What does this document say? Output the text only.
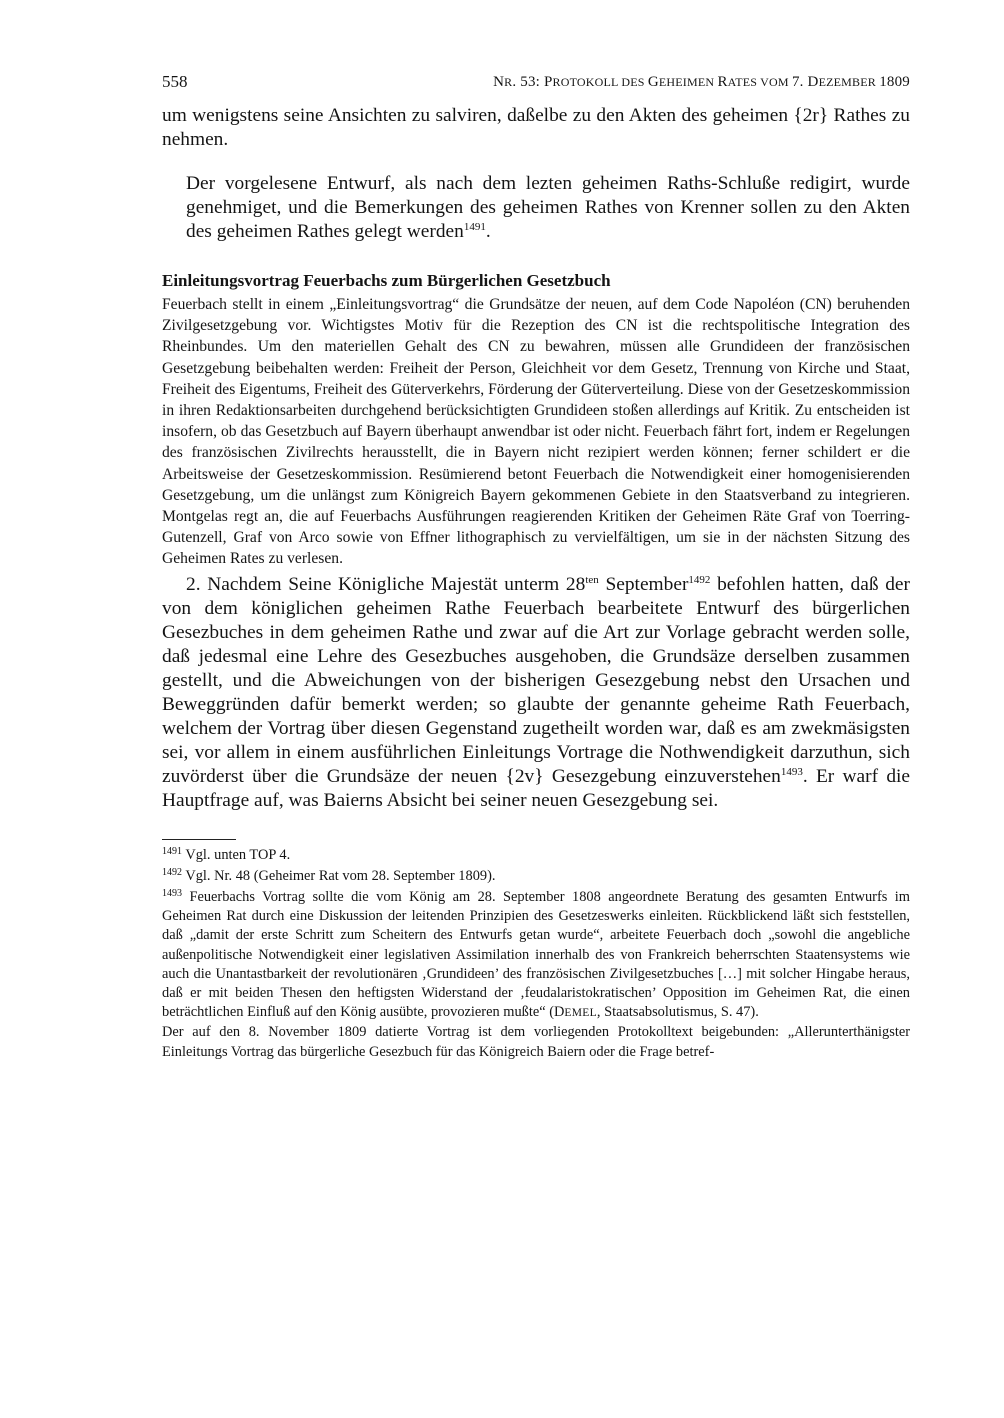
558	NR. 53: PROTOKOLL DES GEHEIMEN RATES VOM 7. DEZEMBER 1809

um wenigstens seine Ansichten zu salviren, daßelbe zu den Akten des geheimen {2r} Rathes zu nehmen.

Der vorgelesene Entwurf, als nach dem lezten geheimen Raths-Schluße redigirt, wurde genehmiget, und die Bemerkungen des geheimen Rathes von Krenner sollen zu den Akten des geheimen Rathes gelegt werden$^{1491}$.

Einleitungsvortrag Feuerbachs zum Bürgerlichen Gesetzbuch

Feuerbach stellt in einem „Einleitungsvortrag“ die Grundsätze der neuen, auf dem Code Napoléon (CN) beruhenden Zivilgesetzgebung vor. Wichtigstes Motiv für die Rezeption des CN ist die rechtspolitische Integration des Rheinbundes. Um den materiellen Gehalt des CN zu bewahren, müssen alle Grundideen der französischen Gesetzgebung beibehalten werden: Freiheit der Person, Gleichheit vor dem Gesetz, Trennung von Kirche und Staat, Freiheit des Eigentums, Freiheit des Güterverkehrs, Förderung der Güterverteilung. Diese von der Gesetzeskommission in ihren Redaktionsarbeiten durchgehend berücksichtigten Grundideen stoßen allerdings auf Kritik. Zu entscheiden ist insofern, ob das Gesetzbuch auf Bayern überhaupt anwendbar ist oder nicht. Feuerbach fährt fort, indem er Regelungen des französischen Zivilrechts herausstellt, die in Bayern nicht rezipiert werden können; ferner schildert er die Arbeitsweise der Gesetzeskommission. Resümierend betont Feuerbach die Notwendigkeit einer homogenisierenden Gesetzgebung, um die unlängst zum Königreich Bayern gekommenen Gebiete in den Staatsverband zu integrieren. Montgelas regt an, die auf Feuerbachs Ausführungen reagierenden Kritiken der Geheimen Räte Graf von Toerring-Gutenzell, Graf von Arco sowie von Effner lithographisch zu vervielfältigen, um sie in der nächsten Sitzung des Geheimen Rates zu verlesen.

2. Nachdem Seine Königliche Majestät unterm $28^{ten}$ September$^{1492}$ befohlen hatten, daß der von dem königlichen geheimen Rathe Feuerbach bearbeitete Entwurf des bürgerlichen Gesezbuches in dem geheimen Rathe und zwar auf die Art zur Vorlage gebracht werden solle, daß jedesmal eine Lehre des Gesezbuches ausgehoben, die Grundsäze derselben zusammen gestellt, und die Abweichungen von der bisherigen Gesezgebung nebst den Ursachen und Beweggründen dafür bemerkt werden; so glaubte der genannte geheime Rath Feuerbach, welchem der Vortrag über diesen Gegenstand zugetheilt worden war, daß es am zwekmäsigsten sei, vor allem in einem ausführlichen Einleitungs Vortrage die Nothwendigkeit darzuthun, sich zuvörderst über die Grundsäze der neuen {2v} Gesezgebung einzuverstehen$^{1493}$. Er warf die Hauptfrage auf, was Baierns Absicht bei seiner neuen Gesezgebung sei.

$^{1491}$ Vgl. unten TOP 4.

$^{1492}$ Vgl. Nr. 48 (Geheimer Rat vom 28. September 1809).

$^{1493}$ Feuerbachs Vortrag sollte die vom König am 28. September 1808 angeordnete Beratung des gesamten Entwurfs im Geheimen Rat durch eine Diskussion der leitenden Prinzipien des Gesetzeswerks einleiten. Rückblickend läßt sich feststellen, daß „damit der erste Schritt zum Scheitern des Entwurfs getan wurde“, arbeitete Feuerbach doch „sowohl die angebliche außenpolitische Notwendigkeit einer legislativen Assimilation innerhalb des von Frankreich beherrschten Staatensystems wie auch die Unantastbarkeit der revolutionären ‚Grundideen’ des französischen Zivilgesetzbuches […] mit solcher Hingabe heraus, daß er mit beiden Thesen den heftigsten Widerstand der ‚feudalaristokratischen’ Opposition im Geheimen Rat, die einen beträchtlichen Einfluß auf den König ausübte, provozieren mußte“ (DEMEL, Staatsabsolutismus, S. 47).

Der auf den 8. November 1809 datierte Vortrag ist dem vorliegenden Protokolltext beigebunden: „Allerunterthänigster Einleitungs Vortrag das bürgerliche Gesezbuch für das Königreich Baiern oder die Frage betref-
